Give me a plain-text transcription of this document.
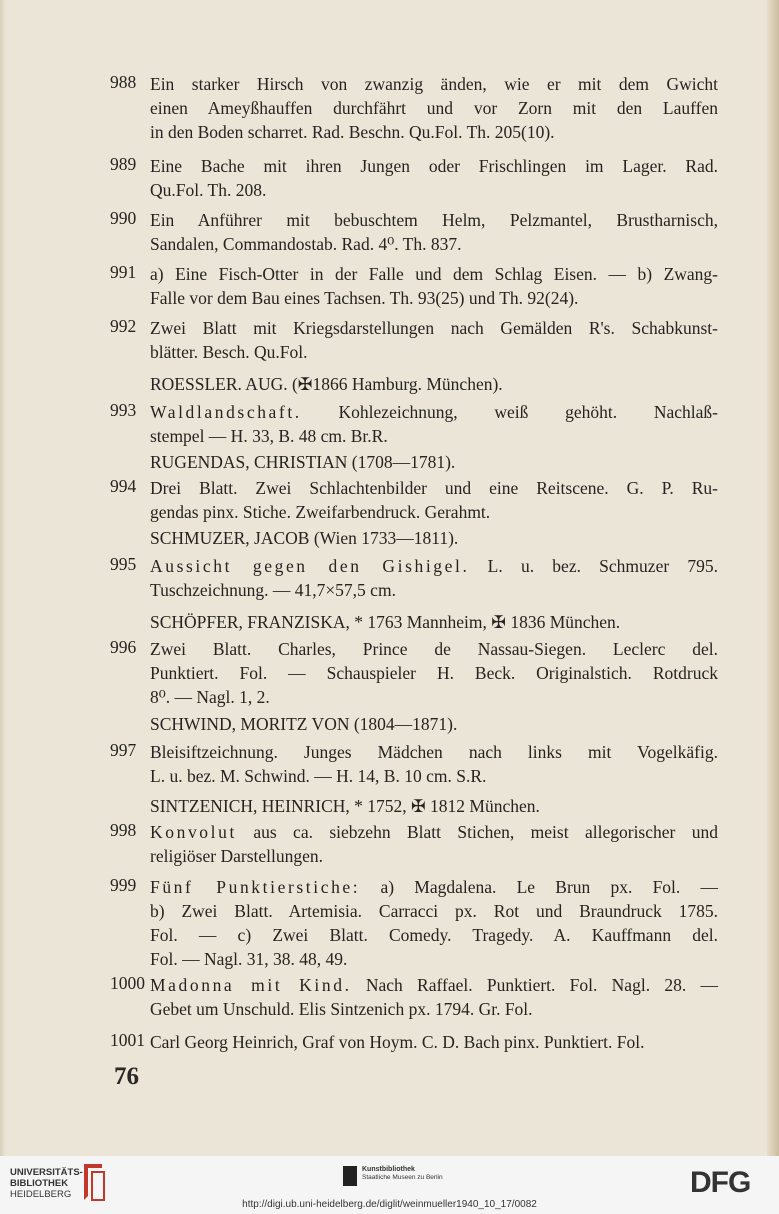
988 Ein starker Hirsch von zwanzig änden, wie er mit dem Gwicht
einen Ameyßhauffen durchfährt und vor Zorn mit den Lauffen
in den Boden scharret. Rad. Beschn. Qu.Fol. Th. 205(10).
989 Eine Bache mit ihren Jungen oder Frischlingen im Lager. Rad.
Qu.Fol. Th. 208.
990 Ein Anführer mit bebuschtem Helm, Pelzmantel, Brustharnisch,
Sandalen, Commandostab. Rad. 4⁰. Th. 837.
991 a) Eine Fisch-Otter in der Falle und dem Schlag Eisen. — b) Zwang-
Falle vor dem Bau eines Tachsen. Th. 93(25) und Th. 92(24).
992 Zwei Blatt mit Kriegsdarstellungen nach Gemälden R's. Schabkunst-
blätter. Besch. Qu.Fol.
ROESSLER. AUG. (✠1866 Hamburg. München).
993 Waldlandschaft. Kohlezeichnung, weiß gehöht. Nachlaß-
stempel — H. 33, B. 48 cm. Br.R.
RUGENDAS, CHRISTIAN (1708—1781).
994 Drei Blatt. Zwei Schlachtenbilder und eine Reitscene. G. P. Ru-
gendas pinx. Stiche. Zweifarbendruck. Gerahmt.
SCHMUZER, JACOB (Wien 1733—1811).
995 Aussicht gegen den Gishigel. L. u. bez. Schmuzer 795.
Tuschzeichnung. — 41,7×57,5 cm.
SCHÖPFER, FRANZISKA, * 1763 Mannheim, ✠ 1836 München.
996 Zwei Blatt. Charles, Prince de Nassau-Siegen. Leclerc del.
Punktiert. Fol. — Schauspieler H. Beck. Originalstich. Rotdruck
8⁰. — Nagl. 1, 2.
SCHWIND, MORITZ VON (1804—1871).
997 Bleisiftzeichnung. Junges Mädchen nach links mit Vogelkäfig.
L. u. bez. M. Schwind. — H. 14, B. 10 cm. S.R.
SINTZENICH, HEINRICH, * 1752, ✠ 1812 München.
998 Konvolut aus ca. siebzehn Blatt Stichen, meist allegorischer und
religiöser Darstellungen.
999 Fünf Punktierstiche: a) Magdalena. Le Brun px. Fol. —
b) Zwei Blatt. Artemisia. Carracci px. Rot und Braundruck 1785.
Fol. — c) Zwei Blatt. Comedy. Tragedy. A. Kauffmann del.
Fol. — Nagl. 31, 38. 48, 49.
1000 Madonna mit Kind. Nach Raffael. Punktiert. Fol. Nagl. 28. —
Gebet um Unschuld. Elis Sintzenich px. 1794. Gr. Fol.
1001 Carl Georg Heinrich, Graf von Hoym. C. D. Bach pinx. Punktiert. Fol.
76
UNIVERSITÄTS-
BIBLIOTHEK
HEIDELBERG
Kunstbibliothek
Staatliche Museen zu Berlin	DFG
http://digi.ub.uni-heidelberg.de/diglit/weinmueller1940_10_17/0082
